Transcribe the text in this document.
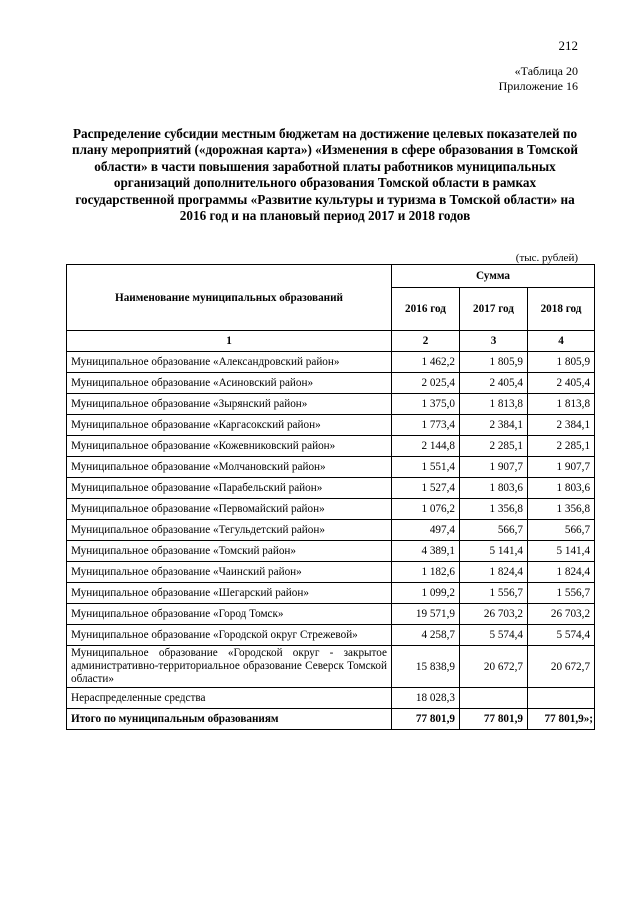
212
«Таблица 20
Приложение 16
Распределение субсидии местным бюджетам на достижение целевых показателей по плану мероприятий («дорожная карта») «Изменения в сфере образования в Томской области» в части повышения заработной платы работников муниципальных организаций дополнительного образования Томской области в рамках государственной программы «Развитие культуры и туризма в Томской области» на 2016 год и на плановый период 2017 и 2018 годов
(тыс. рублей)
Наименование муниципальных образований	Сумма		
	2016 год	2017 год	2018 год
1	2	3	4
Муниципальное образование «Александровский район»	1 462,2	1 805,9	1 805,9
Муниципальное образование «Асиновский район»	2 025,4	2 405,4	2 405,4
Муниципальное образование «Зырянский район»	1 375,0	1 813,8	1 813,8
Муниципальное образование «Каргасокский район»	1 773,4	2 384,1	2 384,1
Муниципальное образование «Кожевниковский район»	2 144,8	2 285,1	2 285,1
Муниципальное образование «Молчановский район»	1 551,4	1 907,7	1 907,7
Муниципальное образование «Парабельский район»	1 527,4	1 803,6	1 803,6
Муниципальное образование «Первомайский район»	1 076,2	1 356,8	1 356,8
Муниципальное образование «Тегульдетский район»	497,4	566,7	566,7
Муниципальное образование «Томский район»	4 389,1	5 141,4	5 141,4
Муниципальное образование «Чаинский район»	1 182,6	1 824,4	1 824,4
Муниципальное образование «Шегарский район»	1 099,2	1 556,7	1 556,7
Муниципальное образование «Город Томск»	19 571,9	26 703,2	26 703,2
Муниципальное образование «Городской округ Стрежевой»	4 258,7	5 574,4	5 574,4
Муниципальное образование «Городской округ - закрытое административно-территориальное образование Северск Томской области»	15 838,9	20 672,7	20 672,7
Нераспределенные средства	18 028,3		
Итого по муниципальным образованиям	77 801,9	77 801,9	77 801,9»;
